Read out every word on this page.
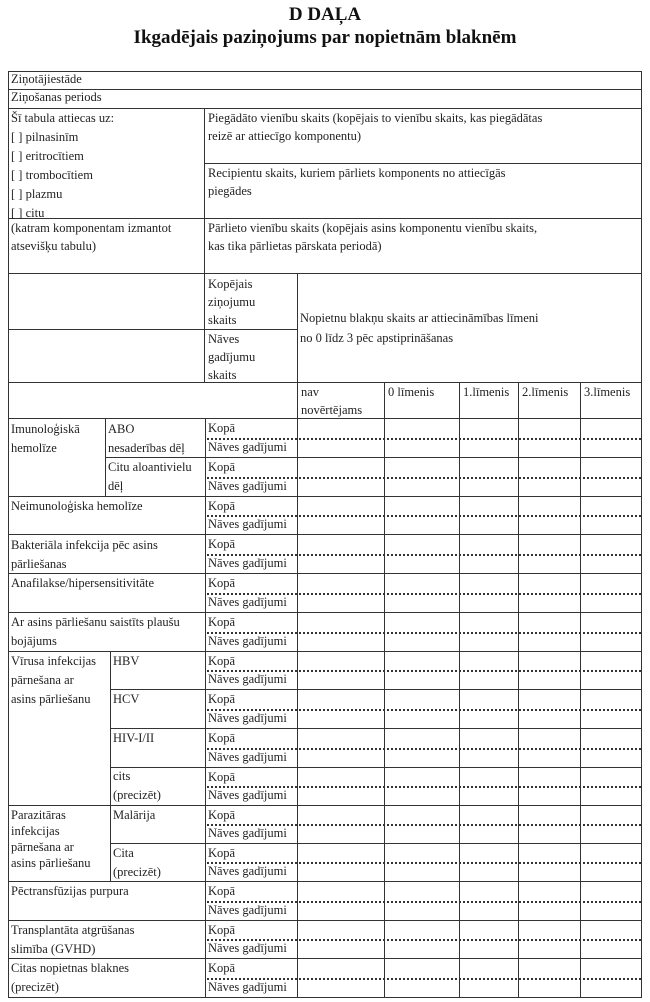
D DAĻA
Ikgadējais paziņojums par nopietnām blaknēm
Ziņotājiestāde
Ziņošanas periods
Šī tabula attiecas uz:
[ ] pilnasinīm
[ ] eritrocītiem
[ ] trombocītiem
[ ] plazmu
[ ] citu
(katram komponentam izmantot
atsevišķu tabulu)
Piegādāto vienību skaits (kopējais to vienību skaits, kas piegādātas
reizē ar attiecīgo komponentu)
Recipientu skaits, kuriem pārliets komponents no attiecīgās
piegādes
Pārlieto vienību skaits (kopējais asins komponentu vienību skaits,
kas tika pārlietas pārskata periodā)
Kopējais
ziņojumu
skaits
Nāves
gadījumu
skaits
Nopietnu blakņu skaits ar attiecināmības līmeni
no 0 līdz 3 pēc apstiprināšanas
nav
novērtējams
0 līmenis 1.līmenis 2.līmenis 3.līmenis
Kopā
Nāves gadījumi
Kopā
Nāves gadījumi
Kopā
Nāves gadījumi
Kopā
Nāves gadījumi
Kopā
Nāves gadījumi
Kopā
Nāves gadījumi
Kopā
Nāves gadījumi
Kopā
Nāves gadījumi
Kopā
Nāves gadījumi
Kopā
Nāves gadījumi
Kopā
Nāves gadījumi
Kopā
Nāves gadījumi
Kopā
Nāves gadījumi
Kopā
Nāves gadījumi
Kopā
Nāves gadījumi
Imunoloģiskā
hemolīze
ABO
nesaderības dēļ
Citu aloantivielu
dēļ
Neimunoloģiska hemolīze
Bakteriāla infekcija pēc asins
pārliešanas
Anafilakse/hipersensitivitāte
Ar asins pārliešanu saistīts plaušu
bojājums
Vīrusa infekcijas
pārnešana ar
asins pārliešanu
HBV
HCV
HIV-I/II
cits
(precizēt)
Parazitāras
infekcijas
pārnešana ar
asins pārliešanu
Malārija
Cita
(precizēt)
Pēctransfūzijas purpura
Transplantāta atgrūšanas
slimība (GVHD)
Citas nopietnas blaknes
(precizēt)
